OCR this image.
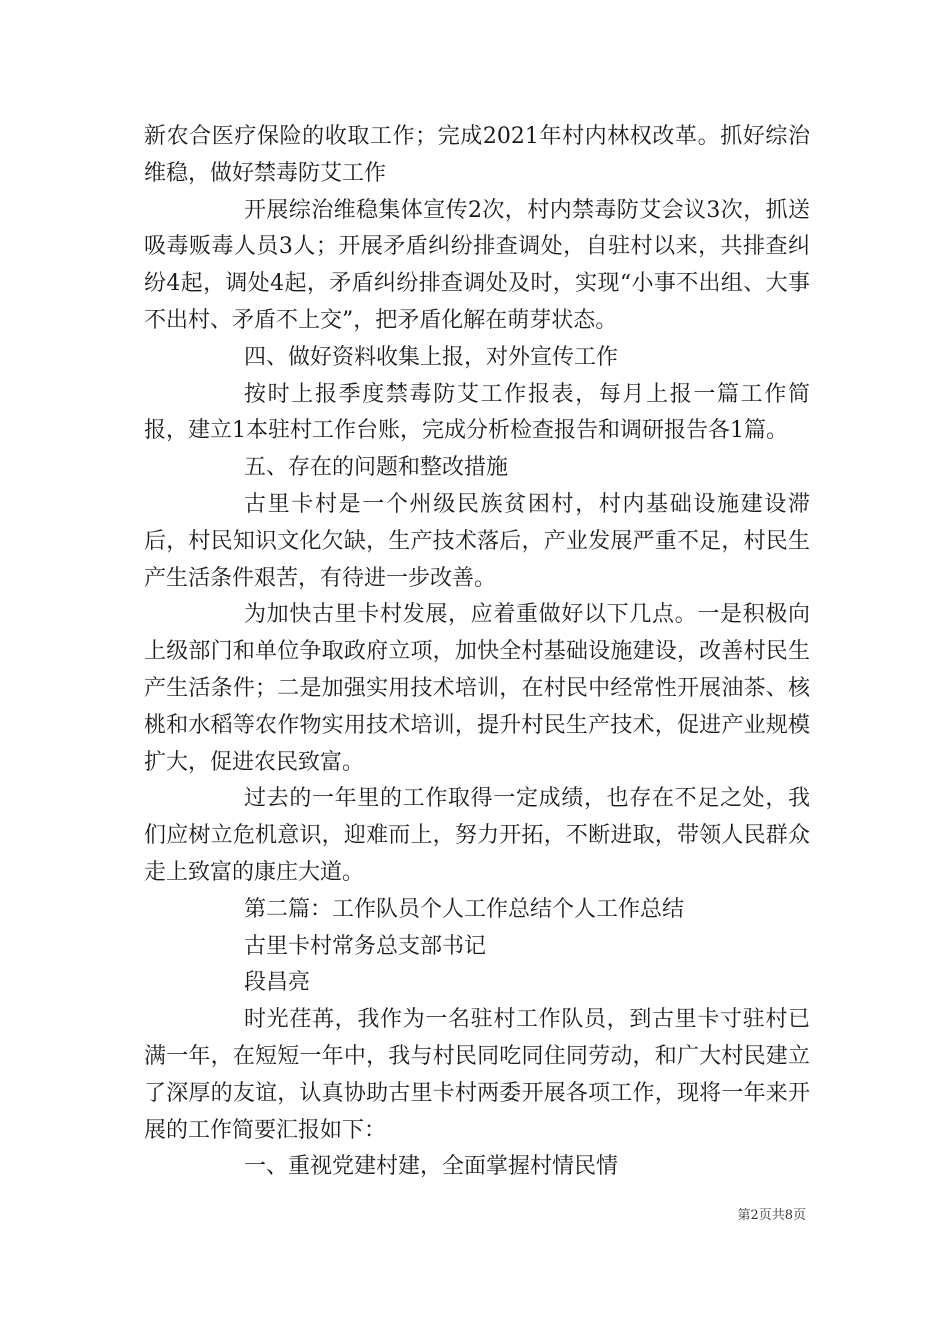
新农合医疗保险的收取工作；完成2021年村内林权改革。抓好综治维稳，做好禁毒防艾工作

开展综治维稳集体宣传2次，村内禁毒防艾会议3次，抓送吸毒贩毒人员3人；开展矛盾纠纷排查调处，自驻村以来，共排查纠纷4起，调处4起，矛盾纠纷排查调处及时，实现“小事不出组、大事不出村、矛盾不上交”，把矛盾化解在萌芽状态。

四、做好资料收集上报，对外宣传工作

按时上报季度禁毒防艾工作报表，每月上报一篇工作简报，建立1本驻村工作台账，完成分析检查报告和调研报告各1篇。

五、存在的问题和整改措施

古里卡村是一个州级民族贫困村，村内基础设施建设滞后，村民知识文化欠缺，生产技术落后，产业发展严重不足，村民生产生活条件艰苦，有待进一步改善。

为加快古里卡村发展，应着重做好以下几点。一是积极向上级部门和单位争取政府立项，加快全村基础设施建设，改善村民生产生活条件；二是加强实用技术培训，在村民中经常性开展油茶、核桃和水稻等农作物实用技术培训，提升村民生产技术，促进产业规模扩大，促进农民致富。

过去的一年里的工作取得一定成绩，也存在不足之处，我们应树立危机意识，迎难而上，努力开拓，不断进取，带领人民群众走上致富的康庄大道。

第二篇：工作队员个人工作总结个人工作总结

古里卡村常务总支部书记

段昌亮

时光荏苒，我作为一名驻村工作队员，到古里卡寸驻村已满一年，在短短一年中，我与村民同吃同住同劳动，和广大村民建立了深厚的友谊，认真协助古里卡村两委开展各项工作，现将一年来开展的工作简要汇报如下：

一、重视党建村建，全面掌握村情民情

第2页共8页
